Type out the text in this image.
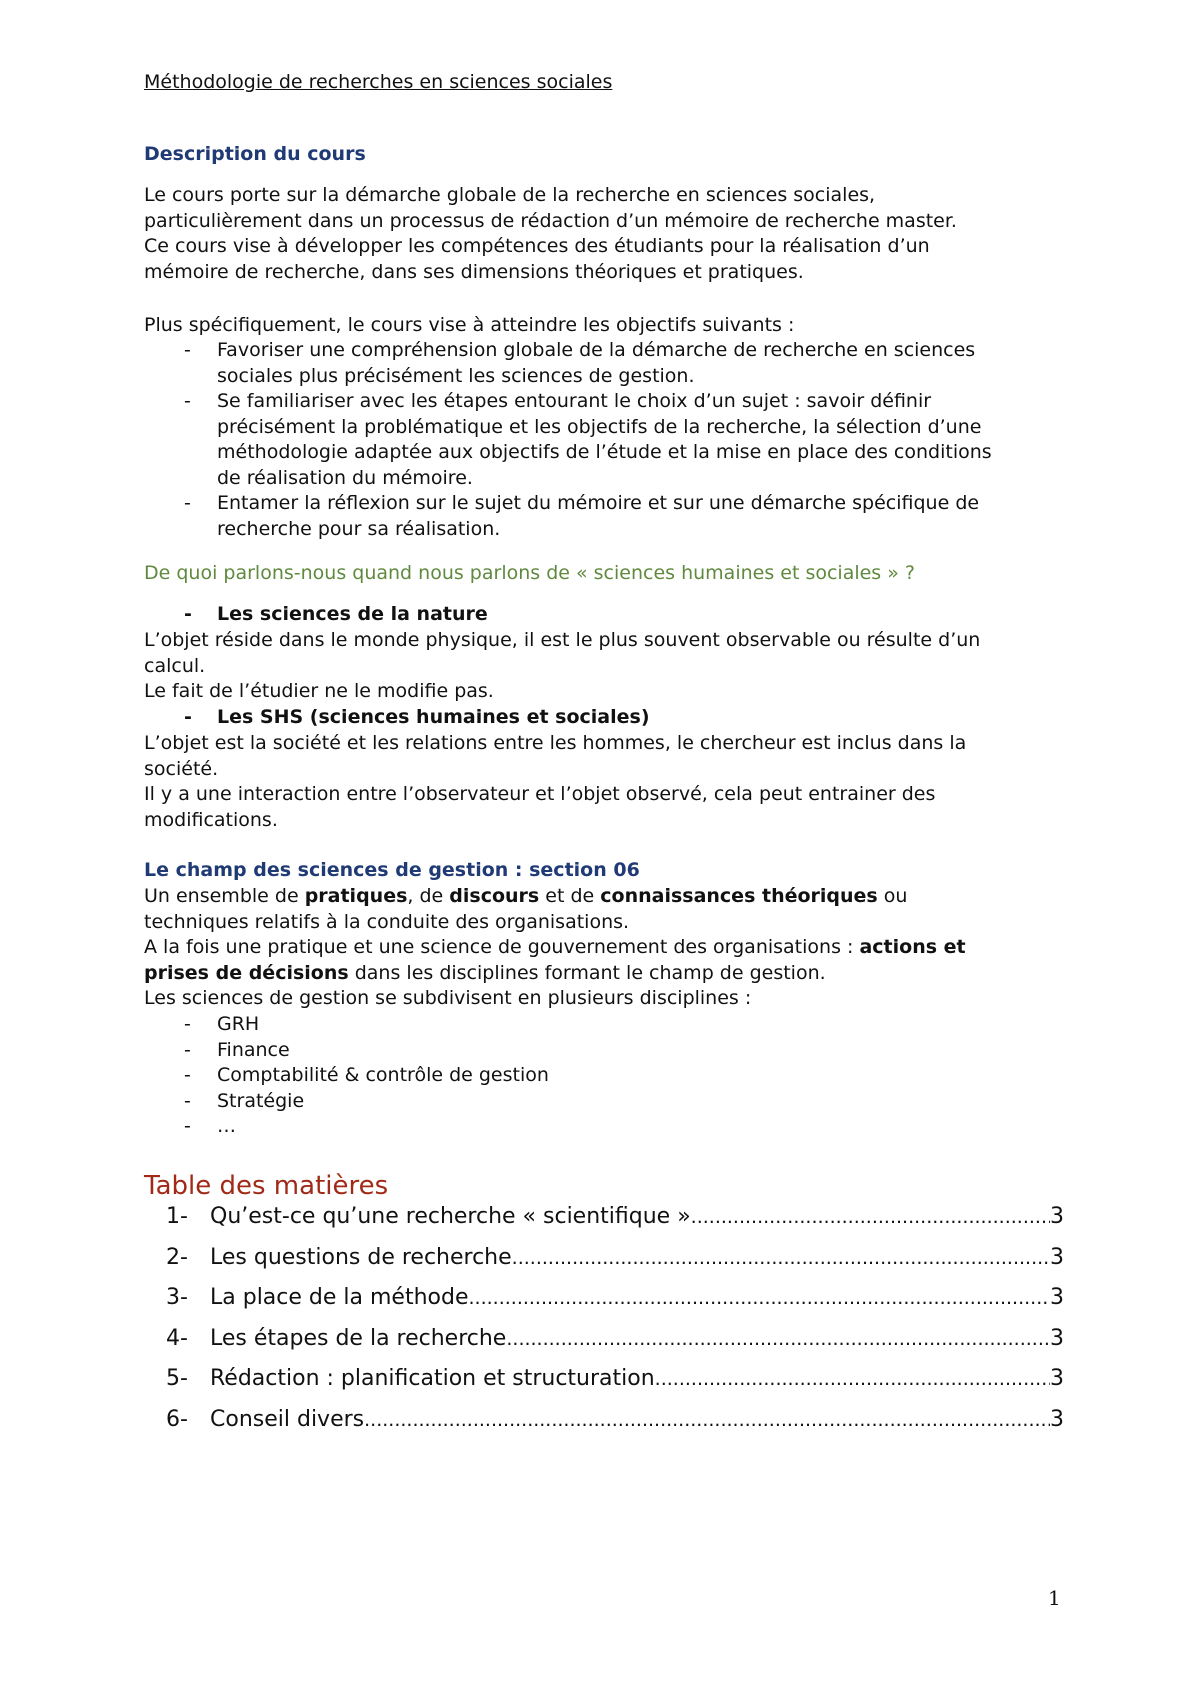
Méthodologie de recherches en sciences sociales

Description du cours

Le cours porte sur la démarche globale de la recherche en sciences sociales,

particulièrement dans un processus de rédaction d’un mémoire de recherche master.

Ce cours vise à développer les compétences des étudiants pour la réalisation d’un

mémoire de recherche, dans ses dimensions théoriques et pratiques.

Plus spécifiquement, le cours vise à atteindre les objectifs suivants :

- Favoriser une compréhension globale de la démarche de recherche en sciences

sociales plus précisément les sciences de gestion.

- Se familiariser avec les étapes entourant le choix d’un sujet : savoir définir

précisément la problématique et les objectifs de la recherche, la sélection d’une

méthodologie adaptée aux objectifs de l’étude et la mise en place des conditions

de réalisation du mémoire.

- Entamer la réflexion sur le sujet du mémoire et sur une démarche spécifique de

recherche pour sa réalisation.

De quoi parlons-nous quand nous parlons de « sciences humaines et sociales » ?

- Les sciences de la nature

L’objet réside dans le monde physique, il est le plus souvent observable ou résulte d’un

calcul.

Le fait de l’étudier ne le modifie pas.

- Les SHS (sciences humaines et sociales)

L’objet est la société et les relations entre les hommes, le chercheur est inclus dans la

société.

Il y a une interaction entre l’observateur et l’objet observé, cela peut entrainer des

modifications.

Le champ des sciences de gestion : section 06

Un ensemble de pratiques, de discours et de connaissances théoriques ou

techniques relatifs à la conduite des organisations.

A la fois une pratique et une science de gouvernement des organisations : actions et

prises de décisions dans les disciplines formant le champ de gestion.

Les sciences de gestion se subdivisent en plusieurs disciplines :

- GRH
- Finance
- Comptabilité & contrôle de gestion
- Stratégie
- …

Table des matières

1-	Qu’est-ce qu’une recherche « scientifique » .....	3
2-	Les questions de recherche .....	3
3-	La place de la méthode .....	3
4-	Les étapes de la recherche .....	3
5-	Rédaction : planification et structuration .....	3
6-	Conseil divers .....	3
1
